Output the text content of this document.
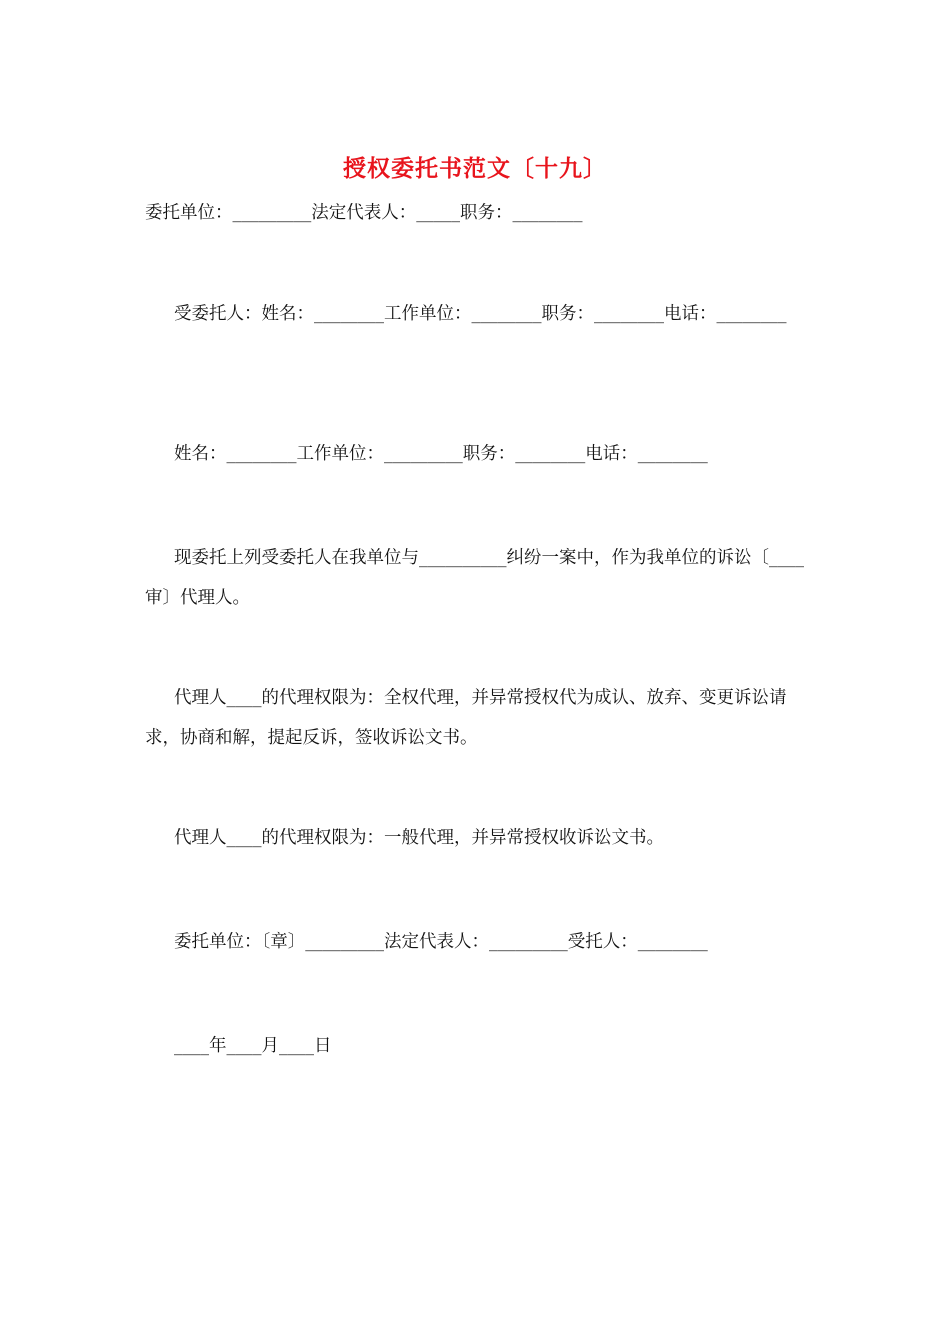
授权委托书范文〔十九〕
委托单位：_________法定代表人：_____职务：________
受委托人：姓名：________工作单位：________职务：________电话：________
姓名：________工作单位：_________职务：________电话：________
现委托上列受委托人在我单位与__________纠纷一案中，作为我单位的诉讼〔____审〕代理人。
代理人____的代理权限为：全权代理，并异常授权代为成认、放弃、变更诉讼请求，协商和解，提起反诉，签收诉讼文书。
代理人____的代理权限为：一般代理，并异常授权收诉讼文书。
委托单位：〔章〕_________法定代表人：_________受托人：________
____年____月____日
